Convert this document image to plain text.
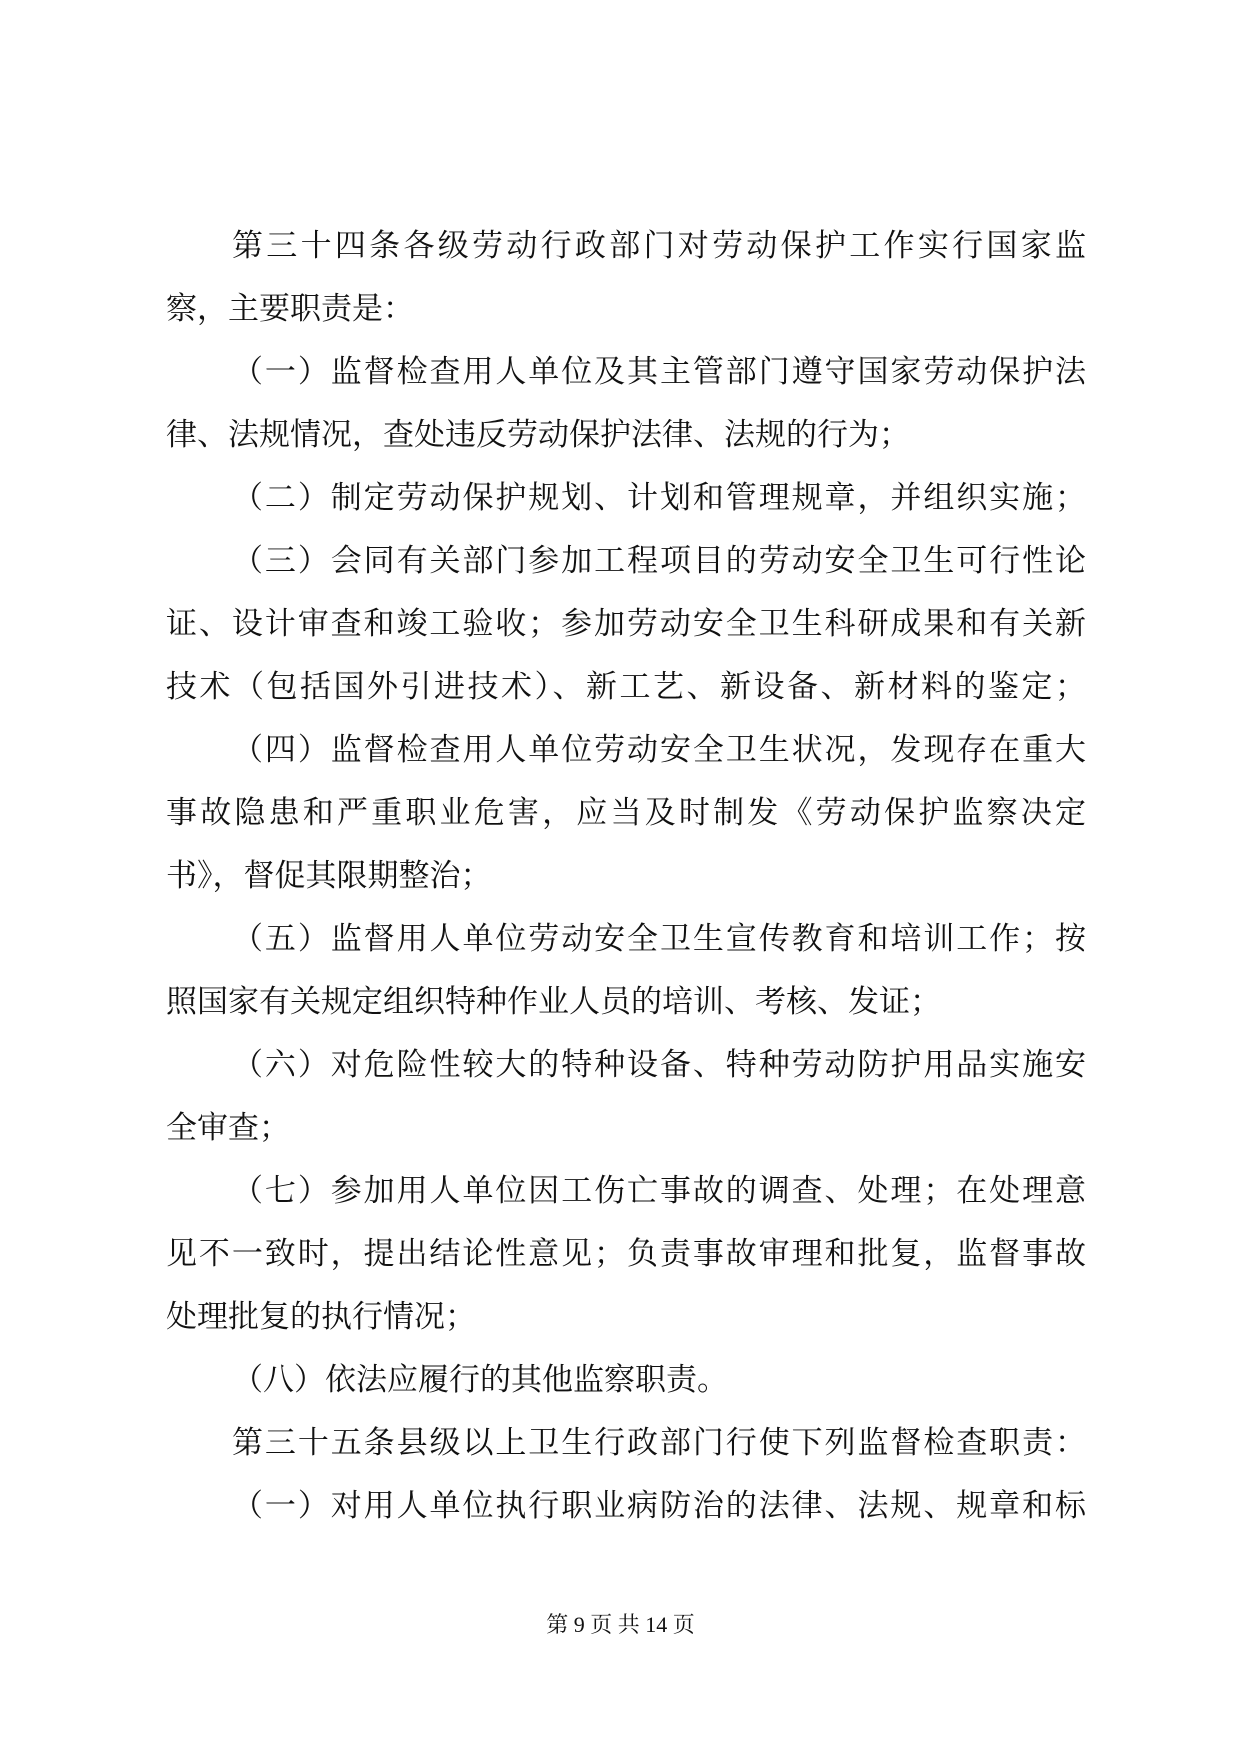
第三十四条各级劳动行政部门对劳动保护工作实行国家监
察，主要职责是：
（一）监督检查用人单位及其主管部门遵守国家劳动保护法
律、法规情况，查处违反劳动保护法律、法规的行为；
（二）制定劳动保护规划、计划和管理规章，并组织实施；
（三）会同有关部门参加工程项目的劳动安全卫生可行性论
证、设计审查和竣工验收；参加劳动安全卫生科研成果和有关新
技术（包括国外引进技术）、新工艺、新设备、新材料的鉴定；
（四）监督检查用人单位劳动安全卫生状况，发现存在重大
事故隐患和严重职业危害，应当及时制发《劳动保护监察决定
书》，督促其限期整治；
（五）监督用人单位劳动安全卫生宣传教育和培训工作；按
照国家有关规定组织特种作业人员的培训、考核、发证；
（六）对危险性较大的特种设备、特种劳动防护用品实施安
全审查；
（七）参加用人单位因工伤亡事故的调查、处理；在处理意
见不一致时，提出结论性意见；负责事故审理和批复，监督事故
处理批复的执行情况；
（八）依法应履行的其他监察职责。
第三十五条县级以上卫生行政部门行使下列监督检查职责：
（一）对用人单位执行职业病防治的法律、法规、规章和标
第 9 页 共 14 页
